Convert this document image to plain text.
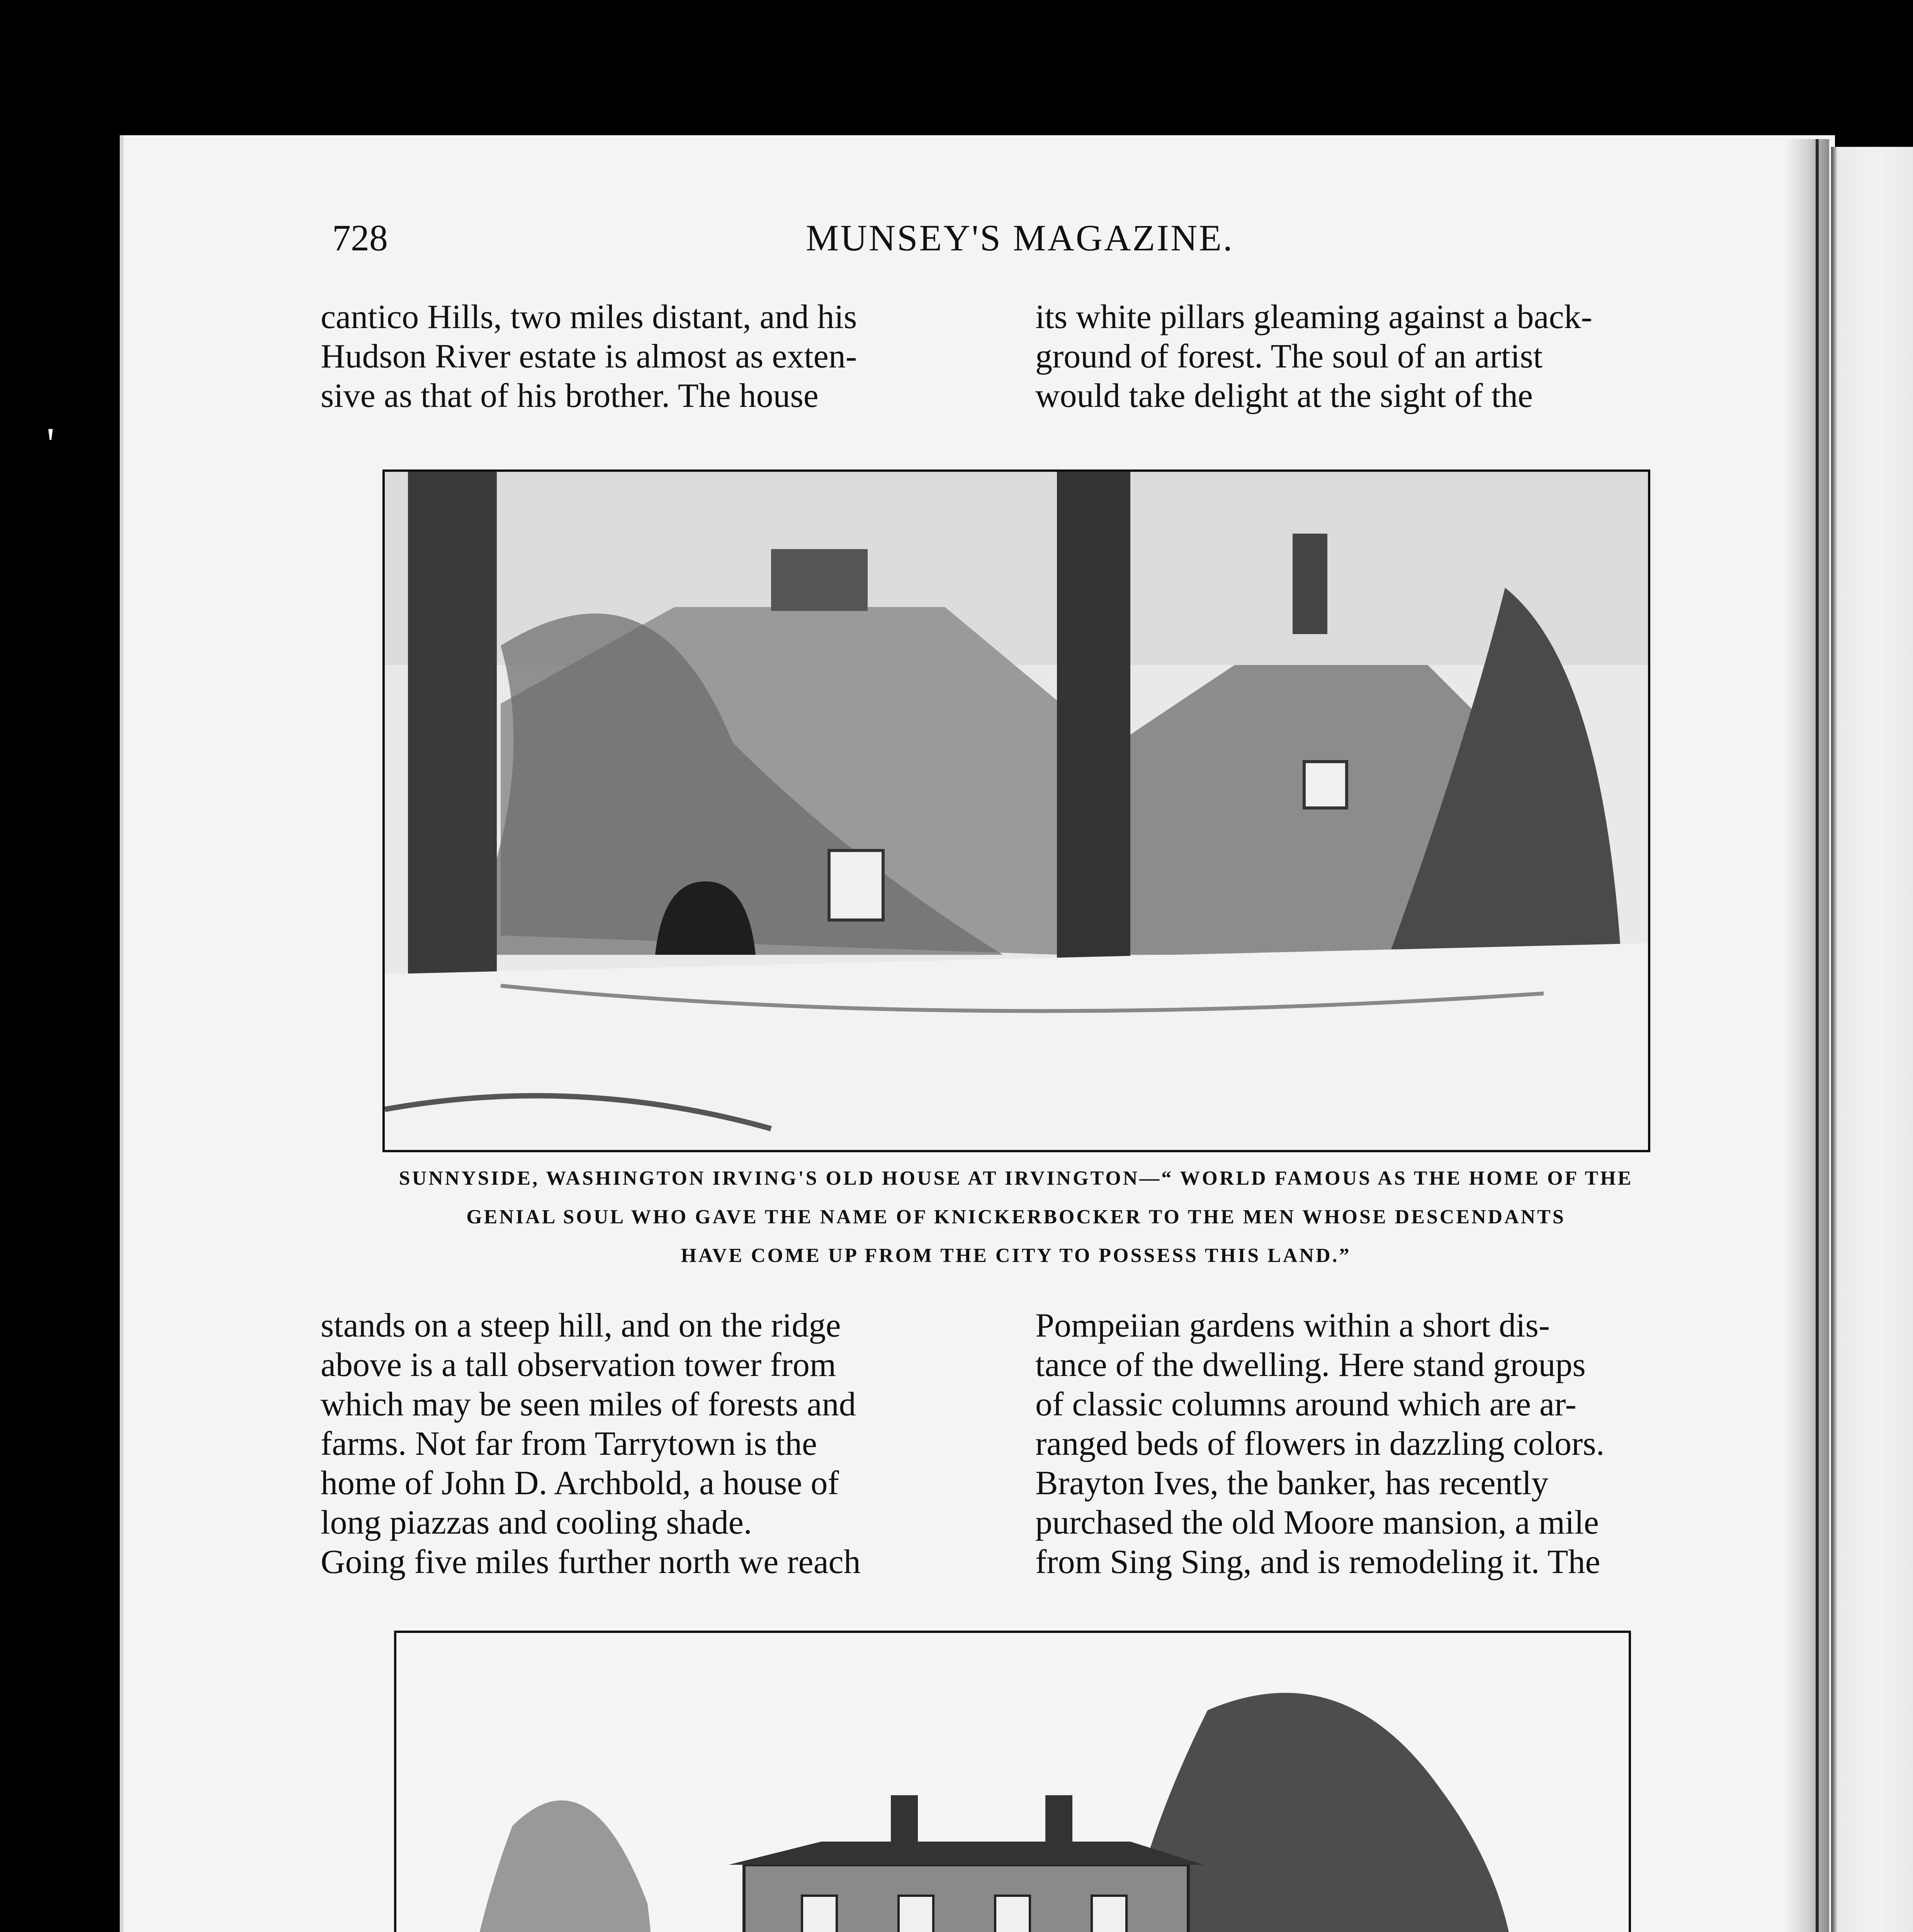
'
728	MUNSEY'S MAGAZINE.
cantico Hills, two miles distant, and his
Hudson River estate is almost as exten-
sive as that of his brother. The house
its white pillars gleaming against a back-
ground of forest. The soul of an artist
would take delight at the sight of the
SUNNYSIDE, WASHINGTON IRVING'S OLD HOUSE AT IRVINGTON—“ WORLD FAMOUS AS THE HOME OF THE
GENIAL SOUL WHO GAVE THE NAME OF KNICKERBOCKER TO THE MEN WHOSE DESCENDANTS
HAVE COME UP FROM THE CITY TO POSSESS THIS LAND.”
stands on a steep hill, and on the ridge
above is a tall observation tower from
which may be seen miles of forests and
farms. Not far from Tarrytown is the
home of John D. Archbold, a house of
long piazzas and cooling shade.
Going five miles further north we reach
Pompeiian gardens within a short dis-
tance of the dwelling. Here stand groups
of classic columns around which are ar-
ranged beds of flowers in dazzling colors.
Brayton Ives, the banker, has recently
purchased the old Moore mansion, a mile
from Sing Sing, and is remodeling it. The
